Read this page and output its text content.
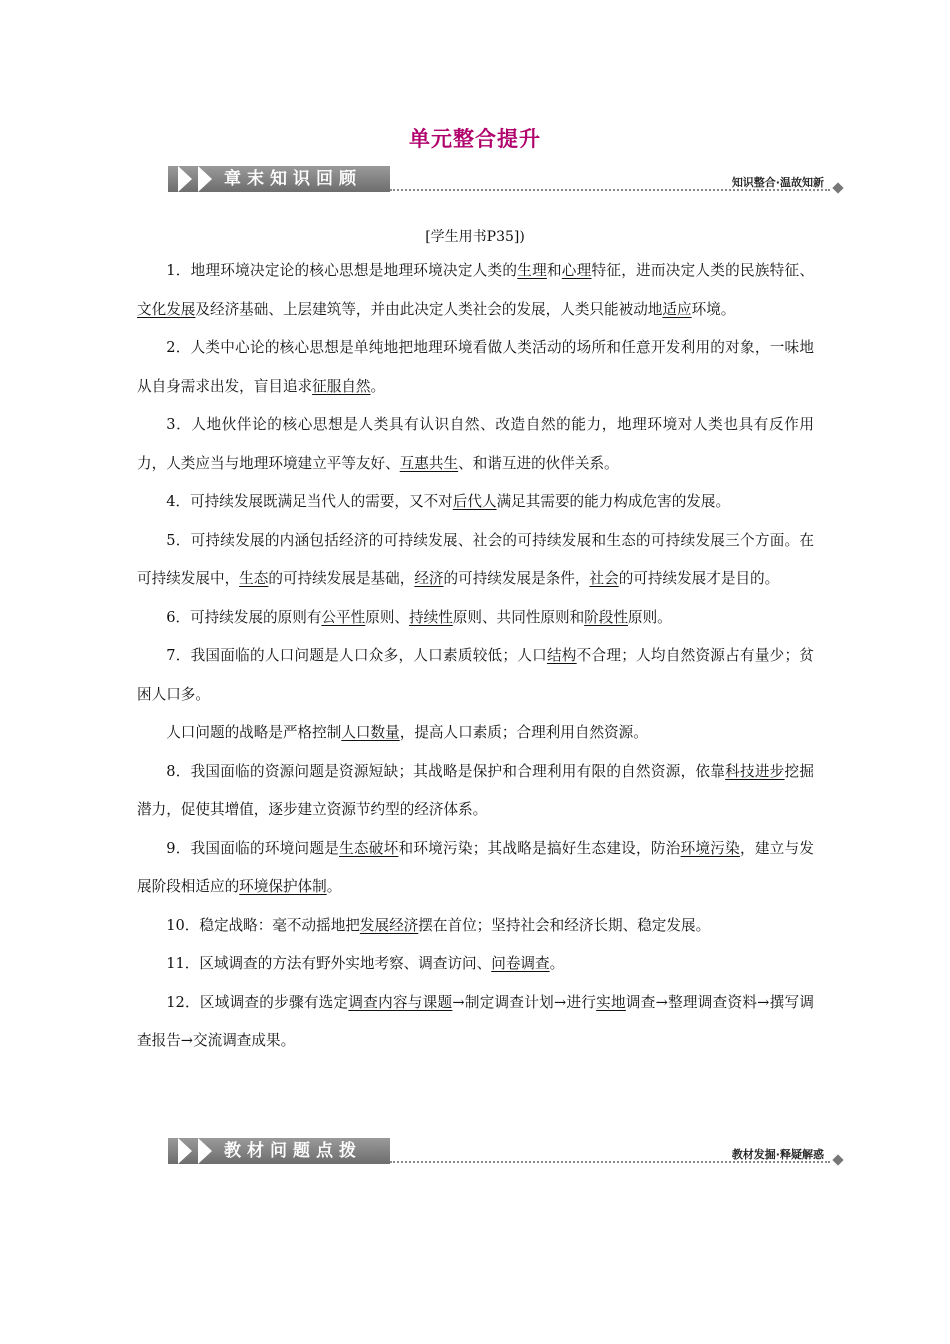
单元整合提升
章末知识回顾	知识整合·温故知新
[学生用书P35])

1．地理环境决定论的核心思想是地理环境决定人类的生理和心理特征，进而决定人类的民族特征、文化发展及经济基础、上层建筑等，并由此决定人类社会的发展，人类只能被动地适应环境。

2．人类中心论的核心思想是单纯地把地理环境看做人类活动的场所和任意开发利用的对象，一味地从自身需求出发，盲目追求征服自然。

3．人地伙伴论的核心思想是人类具有认识自然、改造自然的能力，地理环境对人类也具有反作用力，人类应当与地理环境建立平等友好、互惠共生、和谐互进的伙伴关系。

4．可持续发展既满足当代人的需要，又不对后代人满足其需要的能力构成危害的发展。

5．可持续发展的内涵包括经济的可持续发展、社会的可持续发展和生态的可持续发展三个方面。在可持续发展中，生态的可持续发展是基础，经济的可持续发展是条件，社会的可持续发展才是目的。

6．可持续发展的原则有公平性原则、持续性原则、共同性原则和阶段性原则。

7．我国面临的人口问题是人口众多，人口素质较低；人口结构不合理；人均自然资源占有量少；贫困人口多。

人口问题的战略是严格控制人口数量，提高人口素质；合理利用自然资源。

8．我国面临的资源问题是资源短缺；其战略是保护和合理利用有限的自然资源，依靠科技进步挖掘潜力，促使其增值，逐步建立资源节约型的经济体系。

9．我国面临的环境问题是生态破坏和环境污染；其战略是搞好生态建设，防治环境污染，建立与发展阶段相适应的环境保护体制。

10．稳定战略：毫不动摇地把发展经济摆在首位；坚持社会和经济长期、稳定发展。

11．区域调查的方法有野外实地考察、调查访问、问卷调查。

12．区域调查的步骤有选定调查内容与课题→制定调查计划→进行实地调查→整理调查资料→撰写调查报告→交流调查成果。

教材问题点拨	教材发掘·释疑解惑
